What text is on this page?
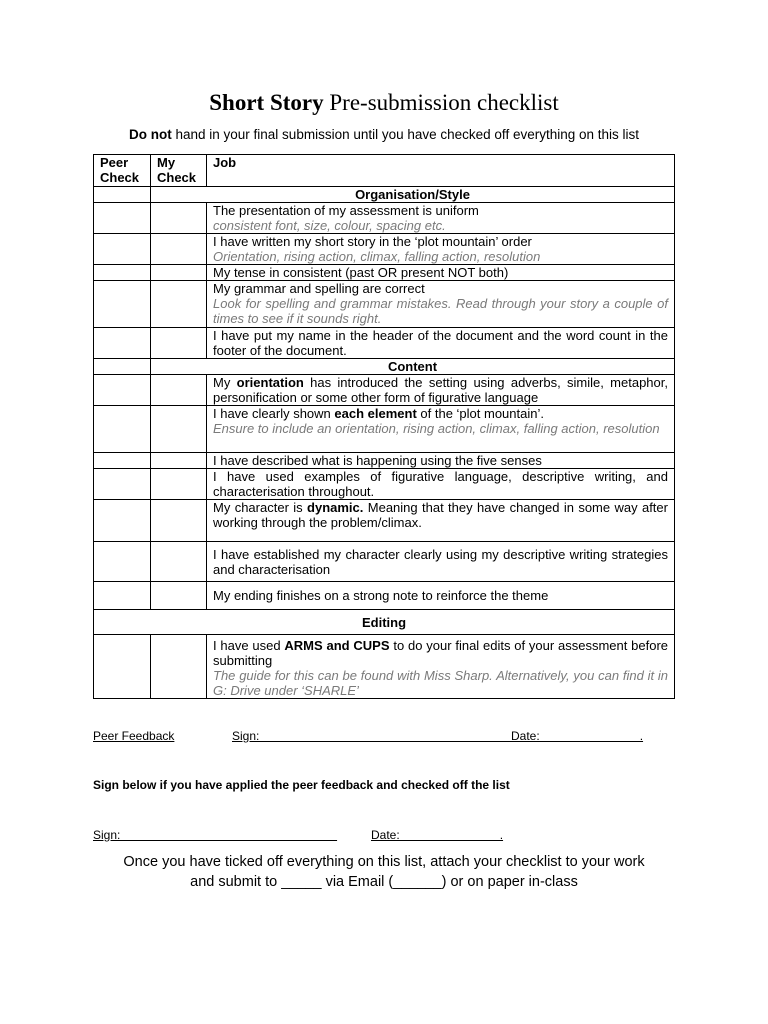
Short Story Pre-submission checklist
Do not hand in your final submission until you have checked off everything on this list
Peer
Check	My
Check	Job
	Organisation/Style	
		The presentation of my assessment is uniform
consistent font, size, colour, spacing etc.

		I have written my short story in the ‘plot mountain’ order
Orientation, rising action, climax, falling action, resolution

		My tense in consistent (past OR present NOT both)
		My grammar and spelling are correct
Look for spelling and grammar mistakes. Read through your story a couple of times to see if it sounds right.

		I have put my name in the header of the document and the word count in the footer of the document.
	Content	
		My orientation has introduced the setting using adverbs, simile, metaphor, personification or some other form of figurative language
		I have clearly shown each element of the ‘plot mountain’.
Ensure to include an orientation, rising action, climax, falling action, resolution

		I have described what is happening using the five senses
		I have used examples of figurative language, descriptive writing, and characterisation throughout.
		My character is dynamic. Meaning that they have changed in some way after working through the problem/climax.
		I have established my character clearly using my descriptive writing strategies and characterisation
		My ending finishes on a strong note to reinforce the theme
Editing		
		I have used ARMS and CUPS to do your final edits of your assessment before submitting
The guide for this can be found with Miss Sharp. Alternatively, you can find it in G: Drive under ‘SHARLE’
Peer Feedback	Sign:
Date:                              .
Sign below if you have applied the peer feedback and checked off the list
Sign:	Date:                              .
Once you have ticked off everything on this list, attach your checklist to your work
and submit to _____ via Email (______) or on paper in-class
